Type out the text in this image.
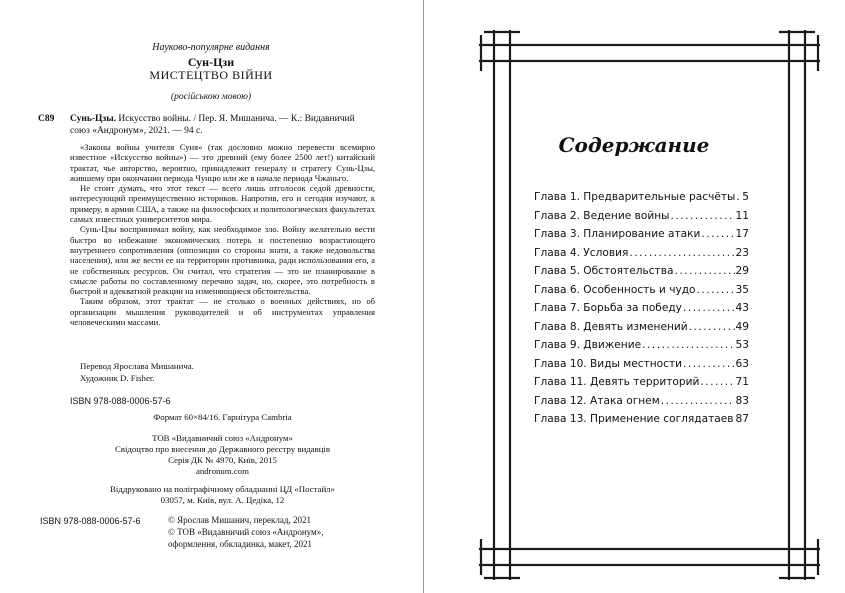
Науково-популярне видання
Сун-Цзи
МИСТЕЦТВО ВІЙНИ
(російською мовою)
С89 Сунь-Цзы. Искусство войны. / Пер. Я. Мишанича. — К.: Видавничий союз «Андронум», 2021. — 94 с.

«Законы войны учителя Суня» (так дословно можно перевести всемирно известное «Искусство войны») — это древний (ему более 2500 лет!) китайский трактат, чье авторство, вероятно, принадлежит генералу и стратегу Сунь-Цзы, жившему при окончании периода Чунцю или же в начале периода Чжаньго.

Не стоит думать, что этот текст — всего лишь отголосок седой древности, интересующий преимущественно историков. Напротив, его и сегодня изучают, к примеру, в армии США, а также на философских и политологических факультетах самых известных университетов мира.

Сунь-Цзы воспринимал войну, как необходимое зло. Войну желательно вести быстро во избежание экономических потерь и постепенно возрастающего внутреннего сопротивления (оппозиции со стороны знати, а также недовольства населения), или же вести ее на территории противника, ради использования его, а не собственных ресурсов. Он считал, что стратегия — это не планирование в смысле работы по составленному перечню задач, но, скорее, это потребность в быстрой и адекватной реакции на изменяющиеся обстоятельства.

Таким образом, этот трактат — не столько о военных действиях, но об организации мышления руководителей и об инструментах управления человеческими массами.

Перевод Ярослава Мишанича.
Художник D. Fisher.
ISBN 978-088-0006-57-6
Формат 60×84/16. Гарнітура Cambria
ТОВ «Видавничий союз «Андронум»
Свідоцтво про внесення до Державного реєстру видавців
Серія ДК № 4970, Київ, 2015
andronum.com
Віддруковано на поліграфічному обладнанні ЦД «Постайл»
03057, м. Київ, вул. А. Цедіка, 12
ISBN 978-088-0006-57-6	© Ярослав Мишанич, переклад, 2021
© ТОВ «Видавничий союз «Андронум»,
оформлення, обкладинка, макет, 2021
Содержание
Глава 1. Предварительные расчёты ..... 5
Глава 2. Ведение войны .....	11
Глава 3. Планирование атаки .....	17
Глава 4. Условия .....	23
Глава 5. Обстоятельства .....	29
Глава 6. Особенность и чудо .....	35
Глава 7. Борьба за победу .....	43
Глава 8. Девять изменений .....	49
Глава 9. Движение .....	53
Глава 10. Виды местности .....	63
Глава 11. Девять территорий .....	71
Глава 12. Атака огнем .....	83
Глава 13. Применение соглядатаев 87
